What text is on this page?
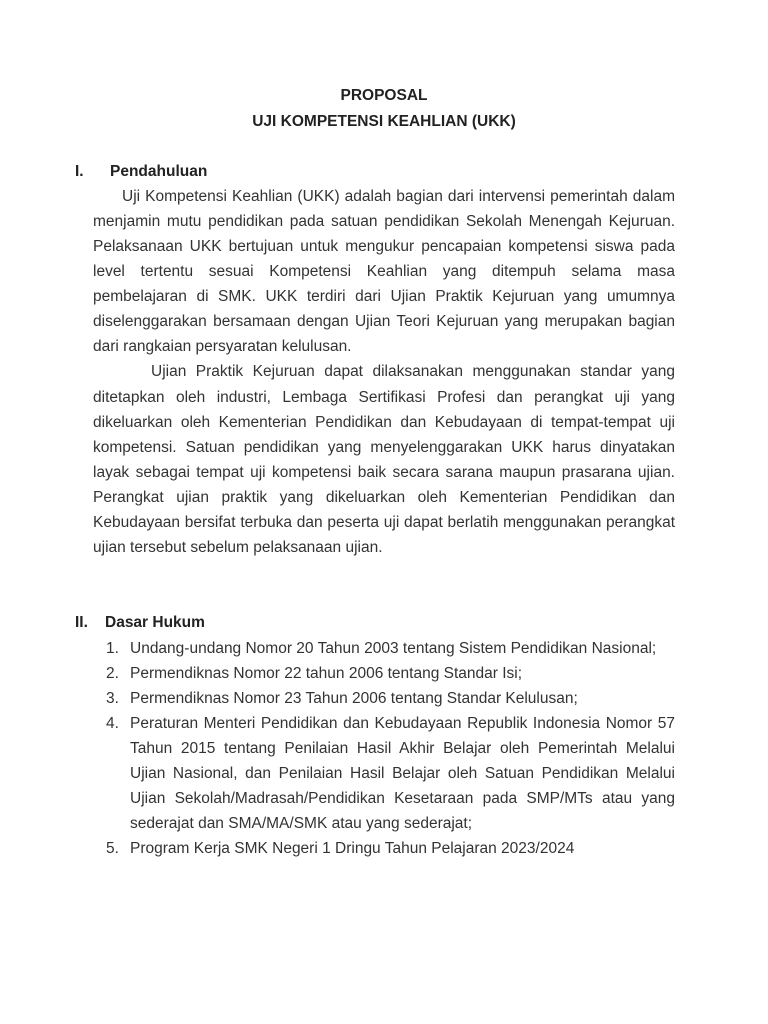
PROPOSAL
UJI KOMPETENSI KEAHLIAN (UKK)
I. Pendahuluan
Uji Kompetensi Keahlian (UKK) adalah bagian dari intervensi pemerintah dalam
menjamin mutu pendidikan pada satuan pendidikan Sekolah Menengah Kejuruan.
Pelaksanaan UKK bertujuan untuk mengukur pencapaian kompetensi siswa pada
level tertentu sesuai Kompetensi Keahlian yang ditempuh selama masa
pembelajaran di SMK. UKK terdiri dari Ujian Praktik Kejuruan yang umumnya
diselenggarakan bersamaan dengan Ujian Teori Kejuruan yang merupakan bagian
dari rangkaian persyaratan kelulusan.
Ujian Praktik Kejuruan dapat dilaksanakan menggunakan standar yang
ditetapkan oleh industri, Lembaga Sertifikasi Profesi dan perangkat uji yang
dikeluarkan oleh Kementerian Pendidikan dan Kebudayaan di tempat-tempat uji
kompetensi. Satuan pendidikan yang menyelenggarakan UKK harus dinyatakan
layak sebagai tempat uji kompetensi baik secara sarana maupun prasarana ujian.
Perangkat ujian praktik yang dikeluarkan oleh Kementerian Pendidikan dan
Kebudayaan bersifat terbuka dan peserta uji dapat berlatih menggunakan perangkat
ujian tersebut sebelum pelaksanaan ujian.
II. Dasar Hukum
1. Undang-undang Nomor 20 Tahun 2003 tentang Sistem Pendidikan Nasional;
2. Permendiknas Nomor 22 tahun 2006 tentang Standar Isi;
3. Permendiknas Nomor 23 Tahun 2006 tentang Standar Kelulusan;
4. Peraturan Menteri Pendidikan dan Kebudayaan Republik Indonesia Nomor 57
Tahun 2015 tentang Penilaian Hasil Akhir Belajar oleh Pemerintah Melalui
Ujian Nasional, dan Penilaian Hasil Belajar oleh Satuan Pendidikan Melalui
Ujian Sekolah/Madrasah/Pendidikan Kesetaraan pada SMP/MTs atau yang
sederajat dan SMA/MA/SMK atau yang sederajat;
5. Program Kerja SMK Negeri 1 Dringu Tahun Pelajaran 2023/2024
